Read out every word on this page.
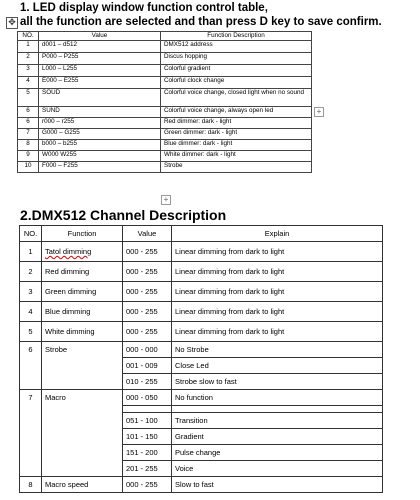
1. LED display window function control table,
✥ all the function are selected and than press D key to save confirm.
NO.	Value	Function Description
1	d001 – d512	DMX512 address
2	P000 – P255	Discus hopping
3	L000 – L255	Colorful gradient
4	E000 – E255	Colorful clock change
5	SOUD	Colorful voice change, closed light when no sound
6	SUND	Colorful voice change, always open led
6	r000 – r255	Red dimmer: dark - light
7	G000 – G255	Green dimmer: dark - light
8	b000 – b255	Blue dimmer: dark - light
9	W000 W255	White dimmer: dark - light
10	F000 – F255	Strobe
+
+
2.DMX512 Channel Description
NO.	Function	Value	Explain
1	Tatol dimming	000 - 255	Linear dimming from dark to light
2	Red dimming	000 - 255	Linear dimming from dark to light
3	Green dimming	000 - 255	Linear dimming from dark to light
4	Blue dimming	000 - 255	Linear dimming from dark to light
5	White dimming	000 - 255	Linear dimming from dark to light
6	Strobe	000 - 000	No Strobe
		001 - 009	Close Led
		010 - 255	Strobe slow to fast
7	Macro	000 - 050	No function

		051 - 100	Transition
		101 - 150	Gradient
		151 - 200	Pulse change
		201 - 255	Voice
8	Macro speed	000 - 255	Slow to fast
